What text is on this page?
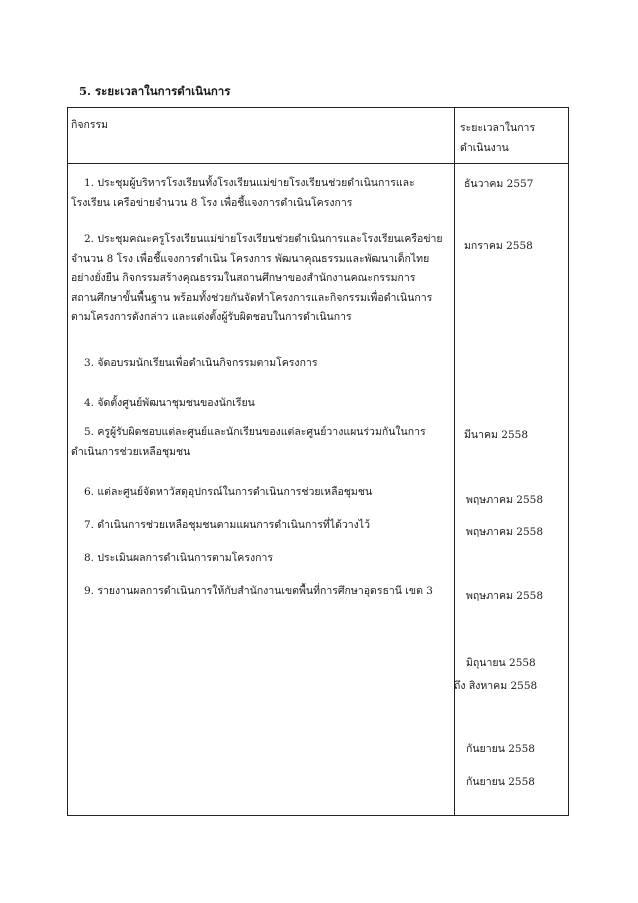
5. ระยะเวลาในการดำเนินการ
กิจกรรม	ระยะเวลาในการ
ดำเนินงาน
1. ประชุมผู้บริหารโรงเรียนทั้งโรงเรียนแม่ข่ายโรงเรียนช่วยดำเนินการและ
โรงเรียน เครือข่ายจำนวน 8 โรง เพื่อชี้แจงการดำเนินโครงการ
2. ประชุมคณะครูโรงเรียนแม่ข่ายโรงเรียนช่วยดำเนินการและโรงเรียนเครือข่าย
จำนวน 8 โรง เพื่อชี้แจงการดำเนิน โครงการ พัฒนาคุณธรรมและพัฒนาเด็กไทย
อย่างยั่งยืน กิจกรรมสร้างคุณธรรมในสถานศึกษาของสำนักงานคณะกรรมการ
สถานศึกษาขั้นพื้นฐาน พร้อมทั้งช่วยกันจัดทำโครงการและกิจกรรมเพื่อดำเนินการ
ตามโครงการดังกล่าว และแต่งตั้งผู้รับผิดชอบในการดำเนินการ
3. จัดอบรมนักเรียนเพื่อดำเนินกิจกรรมตามโครงการ
4. จัดตั้งศูนย์พัฒนาชุมชนของนักเรียน
5. ครูผู้รับผิดชอบแต่ละศูนย์และนักเรียนของแต่ละศูนย์วางแผนร่วมกันในการ
ดำเนินการช่วยเหลือชุมชน
6. แต่ละศูนย์จัดหาวัสดุอุปกรณ์ในการดำเนินการช่วยเหลือชุมชน
7. ดำเนินการช่วยเหลือชุมชนตามแผนการดำเนินการที่ได้วางไว้
8. ประเมินผลการดำเนินการตามโครงการ
9. รายงานผลการดำเนินการให้กับสำนักงานเขตพื้นที่การศึกษาอุดรธานี เขต 3
ธันวาคม 2557
มกราคม 2558
มีนาคม 2558
พฤษภาคม 2558
พฤษภาคม 2558
พฤษภาคม 2558
มิถุนายน 2558
ถึง สิงหาคม 2558
กันยายน 2558
กันยายน 2558
